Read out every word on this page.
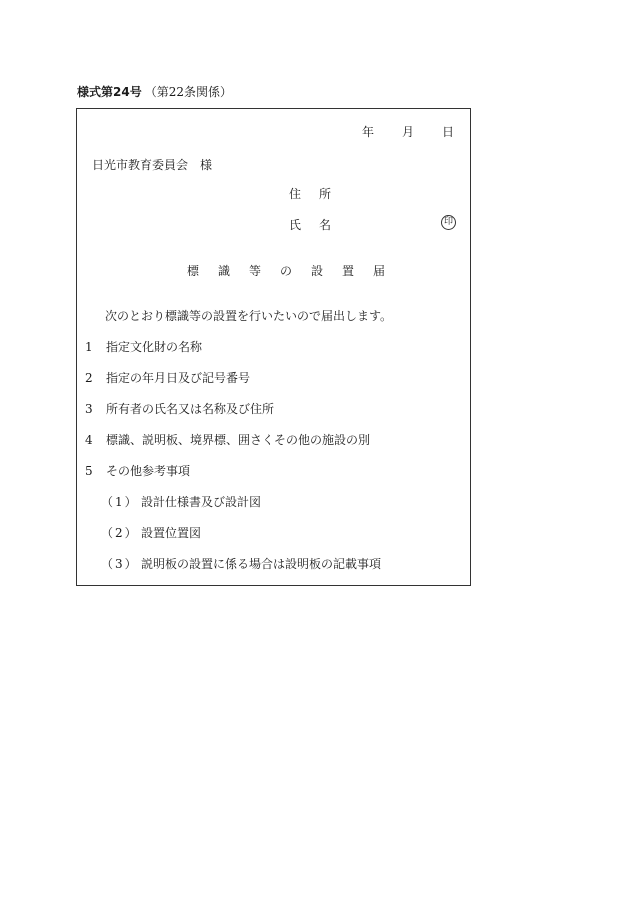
様式第24号 （第22条関係）
年 月 日
日光市教育委員会　様
住所
氏名	印
標識等の設置届
次のとおり標識等の設置を行いたいので届出します。
1 指定文化財の名称
2 指定の年月日及び記号番号
3 所有者の氏名又は名称及び住所
4 標識、説明板、境界標、囲さくその他の施設の別
5 その他参考事項
（1） 設計仕様書及び設計図
（2） 設置位置図
（3） 説明板の設置に係る場合は設明板の記載事項
